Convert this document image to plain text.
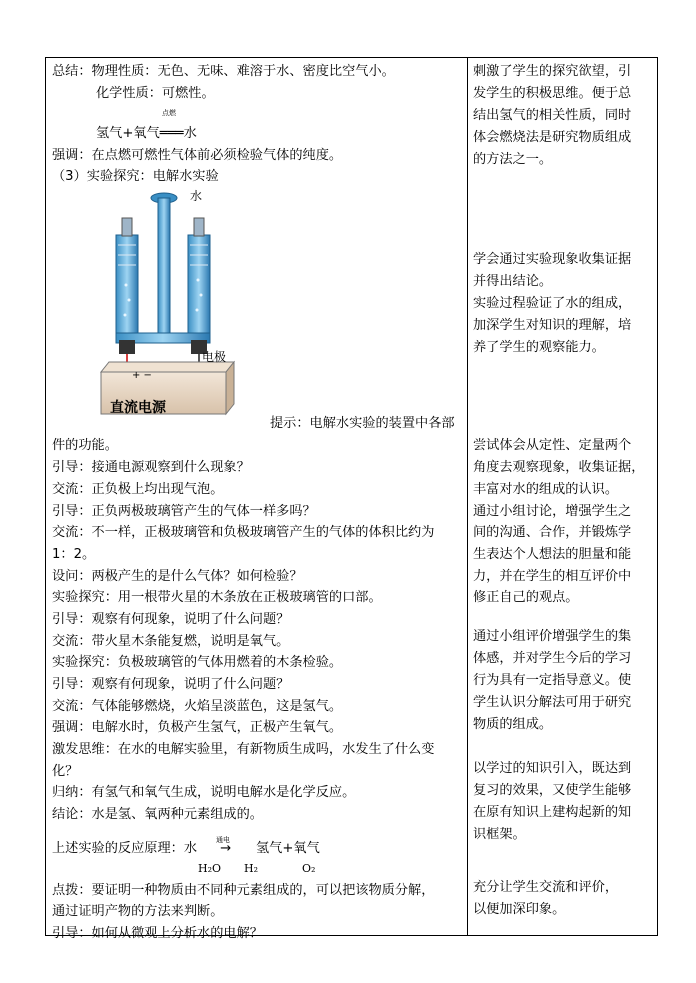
总结：物理性质：无色、无味、难溶于水、密度比空气小。
化学性质：可燃性。
点燃
氢气+氧气═══水
强调：在点燃可燃性气体前必须检验气体的纯度。
（3）实验探究：电解水实验
水
电极
+ −
直流电源
提示：电解水实验的装置中各部
件的功能。
引导：接通电源观察到什么现象？
交流：正负极上均出现气泡。
引导：正负两极玻璃管产生的气体一样多吗？
交流：不一样，正极玻璃管和负极玻璃管产生的气体的体积比约为
1：2。
设问：两极产生的是什么气体？如何检验？
实验探究：用一根带火星的木条放在正极玻璃管的口部。
引导：观察有何现象，说明了什么问题？
交流：带火星木条能复燃，说明是氧气。
实验探究：负极玻璃管的气体用燃着的木条检验。
引导：观察有何现象，说明了什么问题？
交流：气体能够燃烧，火焰呈淡蓝色，这是氢气。
强调：电解水时，负极产生氢气，正极产生氧气。
激发思维：在水的电解实验里，有新物质生成吗，水发生了什么变
化？
归纳：有氢气和氧气生成，说明电解水是化学反应。
结论：水是氢、氧两种元素组成的。
通电
上述实验的反应原理：水 → 氢气+氧气
H₂O H₂	O₂
点拨：要证明一种物质由不同种元素组成的，可以把该物质分解，
通过证明产物的方法来判断。
引导：如何从微观上分析水的电解？
刺激了学生的探究欲望，引
发学生的积极思维。便于总
结出氢气的相关性质，同时
体会燃烧法是研究物质组成
的方法之一。
学会通过实验现象收集证据
并得出结论。
实验过程验证了水的组成，
加深学生对知识的理解，培
养了学生的观察能力。
尝试体会从定性、定量两个
角度去观察现象，收集证据，
丰富对水的组成的认识。
通过小组讨论，增强学生之
间的沟通、合作，并锻炼学
生表达个人想法的胆量和能
力，并在学生的相互评价中
修正自己的观点。
通过小组评价增强学生的集
体感，并对学生今后的学习
行为具有一定指导意义。使
学生认识分解法可用于研究
物质的组成。
以学过的知识引入，既达到
复习的效果，又使学生能够
在原有知识上建构起新的知
识框架。
充分让学生交流和评价，
以便加深印象。
